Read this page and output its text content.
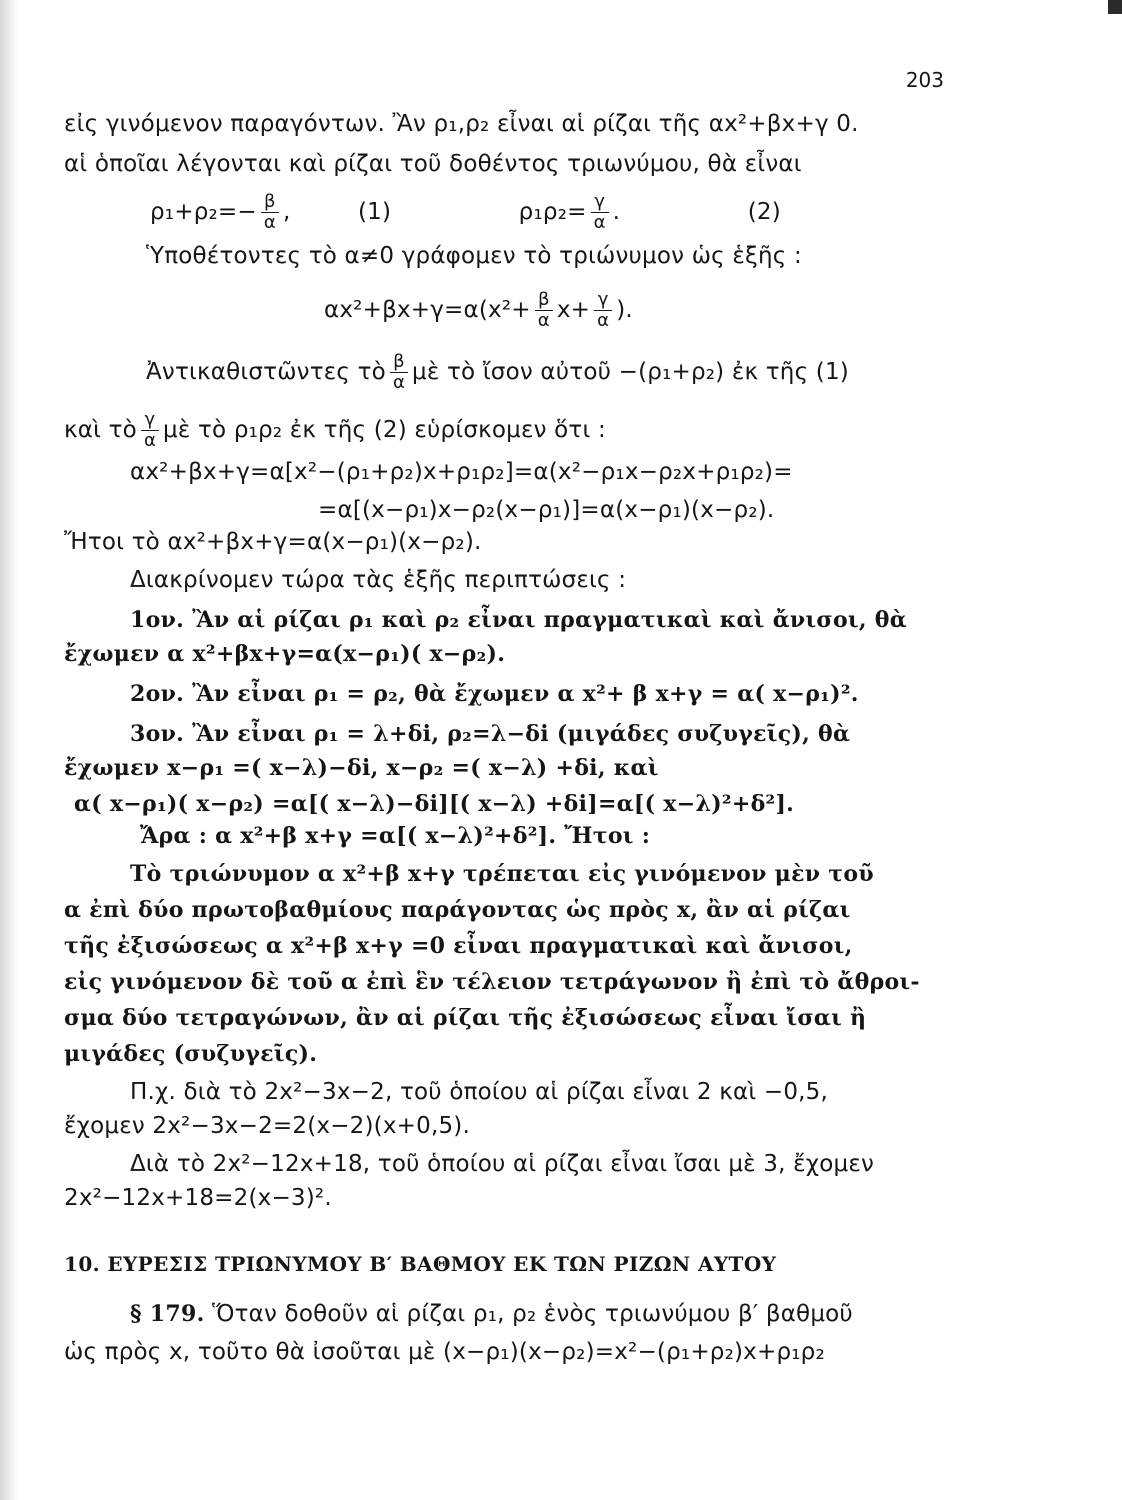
203
εἰς γινόμενον παραγόντων. Ἂν ρ₁,ρ₂ εἶναι αἱ ρίζαι τῆς αx²+βx+γ 0.
αἱ ὁποῖαι λέγονται καὶ ρίζαι τοῦ δοθέντος τριωνύμου, θὰ εἶναι
$\rho_1+\rho_2=- \frac{\beta}{\alpha}$ ,	(1)	$\rho_1\rho_2= \frac{\gamma}{\alpha}$ .	(2)
Ὑποθέτοντες τὸ α≠0 γράφομεν τὸ τριώνυμον ὡς ἑξῆς :
$\alpha x^2+\beta x+\gamma=\alpha(x^2+ \frac{\beta}{\alpha} x+ \frac{\gamma}{\alpha}$ ).
Ἀντικαθιστῶντες τὸ $\frac{\beta}{\alpha}$ μὲ τὸ ἴσον αὐτοῦ −(ρ₁+ρ₂) ἐκ τῆς (1)
καὶ τὸ $\frac{\gamma}{\alpha}$ μὲ τὸ ρ₁ρ₂ ἐκ τῆς (2) εὑρίσκομεν ὅτι :
αx²+βx+γ=α[x²−(ρ₁+ρ₂)x+ρ₁ρ₂]=α(x²−ρ₁x−ρ₂x+ρ₁ρ₂)=
=α[(x−ρ₁)x−ρ₂(x−ρ₁)]=α(x−ρ₁)(x−ρ₂).
Ἤτοι τὸ αx²+βx+γ=α(x−ρ₁)(x−ρ₂).
Διακρίνομεν τώρα τὰς ἑξῆς περιπτώσεις :
1ον. Ἂν αἱ ρίζαι ρ₁ καὶ ρ₂ εἶναι πραγματικαὶ καὶ ἄνισοι, θὰ
ἔχωμεν α x²+βx+γ=α(x−ρ₁)( x−ρ₂).
2ον. Ἂν εἶναι ρ₁ = ρ₂, θὰ ἔχωμεν α x²+ β x+γ = α( x−ρ₁)².
3ον. Ἂν εἶναι ρ₁ = λ+δi, ρ₂=λ−δi (μιγάδες συζυγεῖς), θὰ
ἔχωμεν x−ρ₁ =( x−λ)−δi, x−ρ₂ =( x−λ) +δi, καὶ
α( x−ρ₁)( x−ρ₂) =α[( x−λ)−δi][( x−λ) +δi]=α[( x−λ)²+δ²].
Ἄρα : α x²+β x+γ =α[( x−λ)²+δ²]. Ἤτοι :
Τὸ τριώνυμον α x²+β x+γ τρέπεται εἰς γινόμενον μὲν τοῦ
α ἐπὶ δύο πρωτοβαθμίους παράγοντας ὡς πρὸς x, ἂν αἱ ρίζαι
τῆς ἐξισώσεως α x²+β x+γ =0 εἶναι πραγματικαὶ καὶ ἄνισοι,
εἰς γινόμενον δὲ τοῦ α ἐπὶ ἓν τέλειον τετράγωνον ἢ ἐπὶ τὸ ἄθροι-
σμα δύο τετραγώνων, ἂν αἱ ρίζαι τῆς ἐξισώσεως εἶναι ἴσαι ἢ
μιγάδες (συζυγεῖς).
Π.χ. διὰ τὸ 2x²−3x−2, τοῦ ὁποίου αἱ ρίζαι εἶναι 2 καὶ −0,5,
ἔχομεν 2x²−3x−2=2(x−2)(x+0,5).
Διὰ τὸ 2x²−12x+18, τοῦ ὁποίου αἱ ρίζαι εἶναι ἴσαι μὲ 3, ἔχομεν
2x²−12x+18=2(x−3)².
10. ΕΥΡΕΣΙΣ ΤΡΙΩΝΥΜΟΥ Β′ ΒΑΘΜΟΥ ΕΚ ΤΩΝ ΡΙΖΩΝ ΑΥΤΟΥ
§ 179. Ὅταν δοθοῦν αἱ ρίζαι ρ₁, ρ₂ ἑνὸς τριωνύμου β′ βαθμοῦ
ὡς πρὸς x, τοῦτο θὰ ἰσοῦται μὲ (x−ρ₁)(x−ρ₂)=x²−(ρ₁+ρ₂)x+ρ₁ρ₂
